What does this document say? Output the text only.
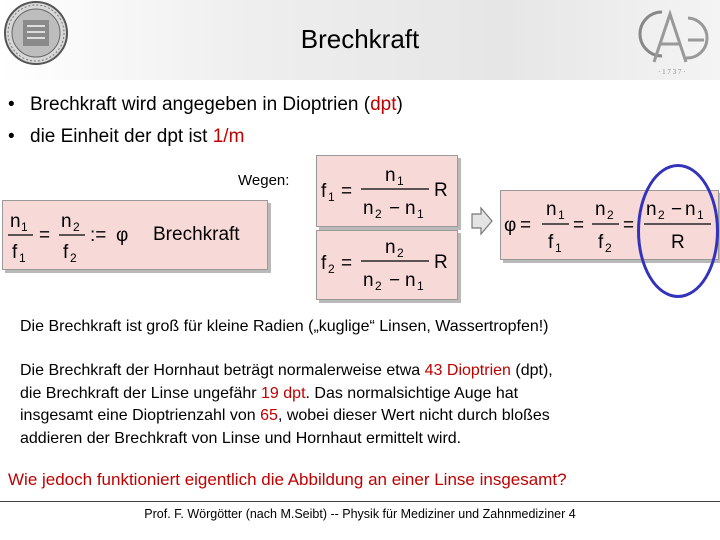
Brechkraft
· 1 7 3 7 ·
• Brechkraft wird angegeben in Dioptrien (dpt)
• die Einheit der dpt ist 1/m
Wegen:
n 1
f 1
=
n 2
f 2
:= φ Brechkraft
f 1 =
n 1
n 2 − n 1
R
f 2 =
n 2
n 2 − n 1
R
φ =
n 1
f 1
=
n 2
f 2
=
n 2 − n 1
R
Die Brechkraft ist groß für kleine Radien („kuglige“ Linsen, Wassertropfen!)
Die Brechkraft der Hornhaut beträgt normalerweise etwa 43 Dioptrien (dpt),
die Brechkraft der Linse ungefähr 19 dpt. Das normalsichtige Auge hat
insgesamt eine Dioptrienzahl von 65, wobei dieser Wert nicht durch bloßes
addieren der Brechkraft von Linse und Hornhaut ermittelt wird.
Wie jedoch funktioniert eigentlich die Abbildung an einer Linse insgesamt?
Prof. F. Wörgötter (nach M.Seibt) -- Physik für Mediziner und Zahnmediziner 4
